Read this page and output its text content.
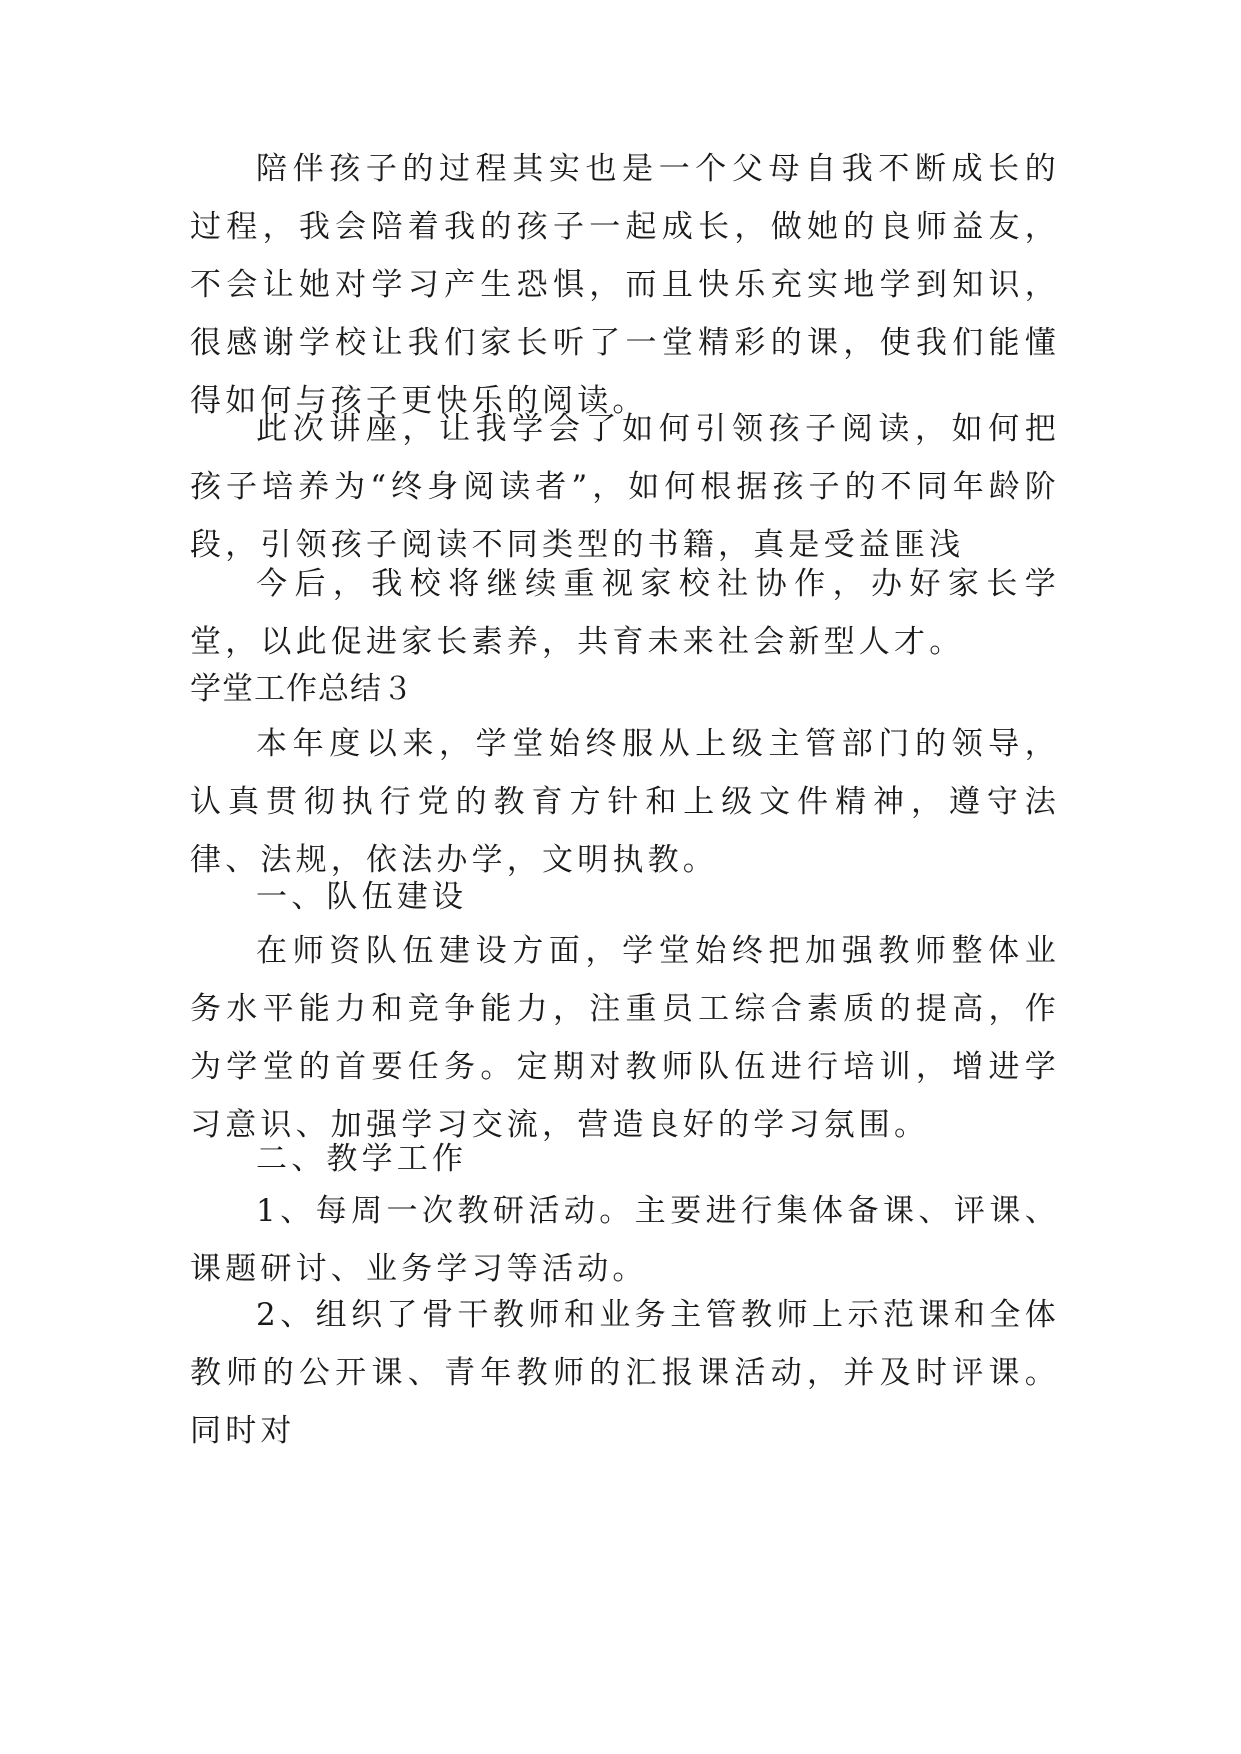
陪伴孩子的过程其实也是一个父母自我不断成长的过程，我会陪着我的孩子一起成长，做她的良师益友，不会让她对学习产生恐惧，而且快乐充实地学到知识，很感谢学校让我们家长听了一堂精彩的课，使我们能懂得如何与孩子更快乐的阅读。

此次讲座，让我学会了如何引领孩子阅读，如何把孩子培养为“终身阅读者”，如何根据孩子的不同年龄阶段，引领孩子阅读不同类型的书籍，真是受益匪浅

今后，我校将继续重视家校社协作，办好家长学堂，以此促进家长素养，共育未来社会新型人才。

学堂工作总结３

本年度以来，学堂始终服从上级主管部门的领导，认真贯彻执行党的教育方针和上级文件精神，遵守法律、法规，依法办学，文明执教。

一、队伍建设

在师资队伍建设方面，学堂始终把加强教师整体业务水平能力和竞争能力，注重员工综合素质的提高，作为学堂的首要任务。定期对教师队伍进行培训，增进学习意识、加强学习交流，营造良好的学习氛围。

二、教学工作

1、每周一次教研活动。主要进行集体备课、评课、课题研讨、业务学习等活动。

2、组织了骨干教师和业务主管教师上示范课和全体教师的公开课、青年教师的汇报课活动，并及时评课。同时对
